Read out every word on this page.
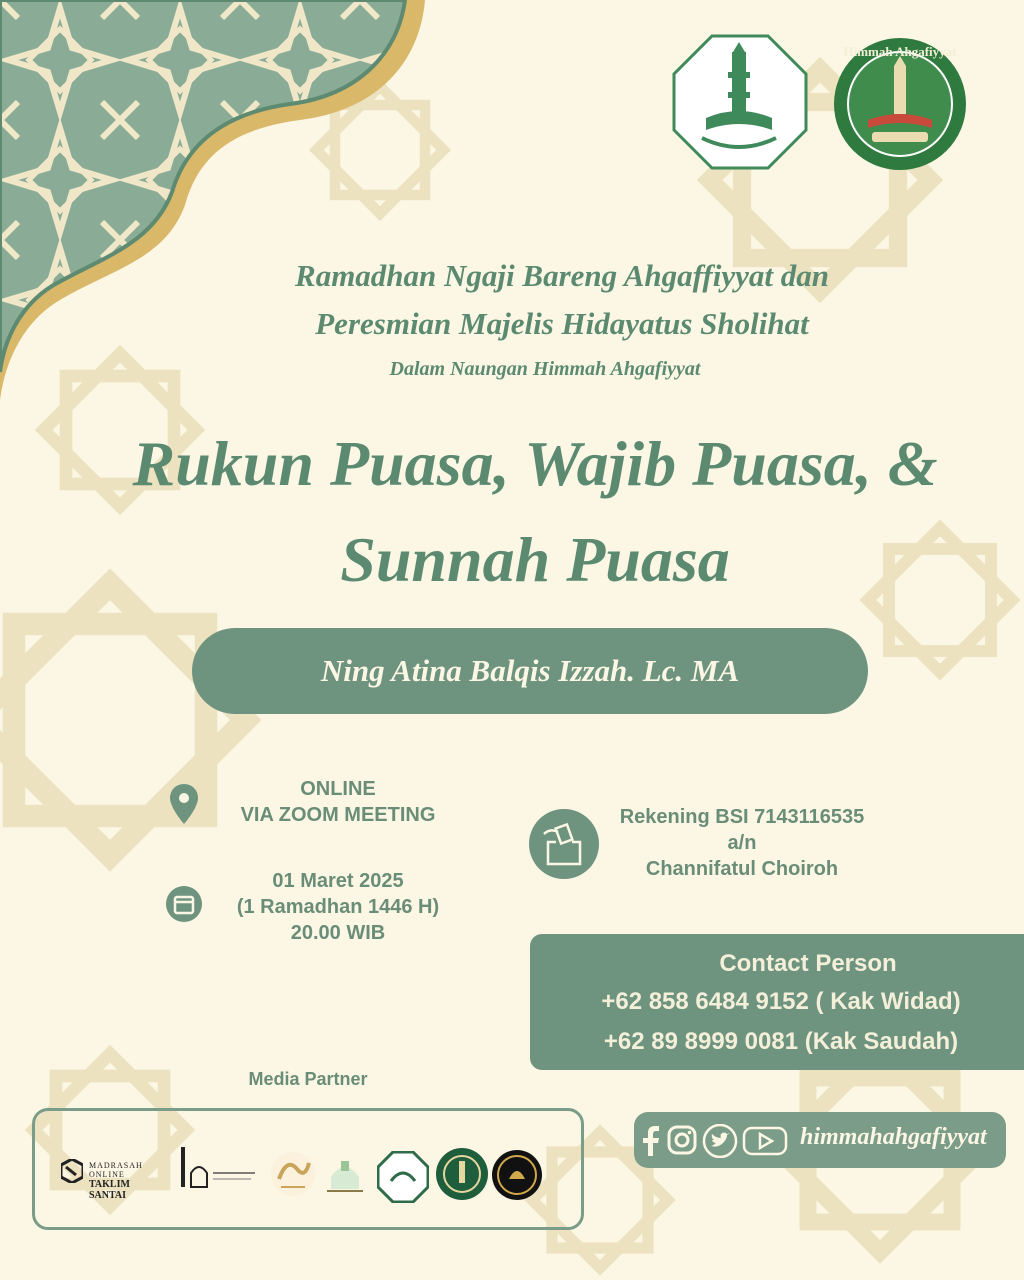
Himmah Ahgafiyyat
Ramadhan Ngaji Bareng Ahgaffiyyat dan
Peresmian Majelis Hidayatus Sholihat
Dalam Naungan Himmah Ahgafiyyat
Rukun Puasa, Wajib Puasa, &
Sunnah Puasa
Ning Atina Balqis Izzah. Lc. MA
ONLINE
VIA ZOOM MEETING
01 Maret 2025
(1 Ramadhan 1446 H)
20.00 WIB
Rekening BSI 7143116535
a/n
Channifatul Choiroh
Contact Person
+62 858 6484 9152 ( Kak Widad)
+62 89 8999 0081 (Kak Saudah)
Media Partner
MADRASAH ONLINE
TAKLIM SANTAI
himmahahgafiyyat
